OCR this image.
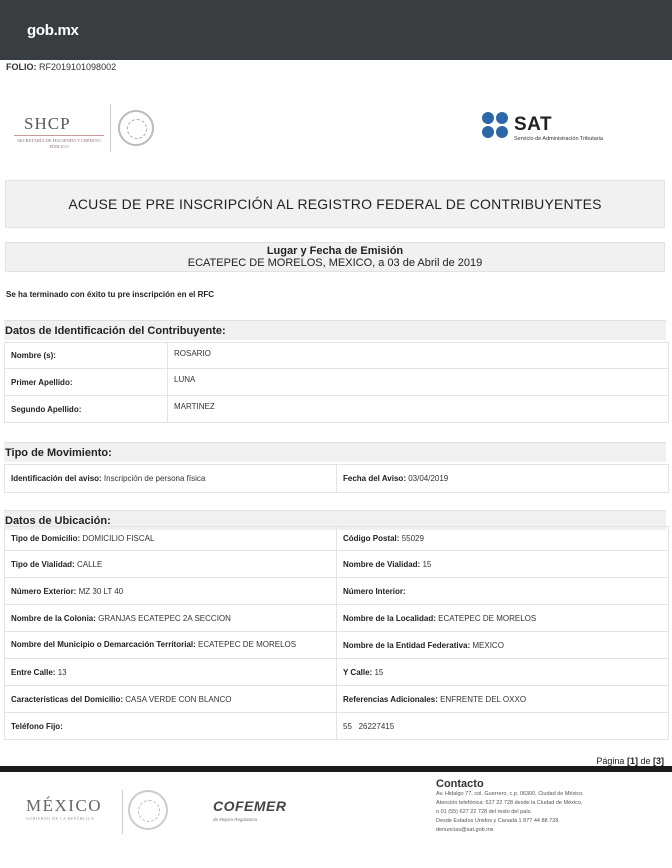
gob.mx
FOLIO: RF2019101098002
SHCP
SECRETARÍA DE HACIENDA Y CRÉDITO PÚBLICO
SAT
Servicio de Administración Tributaria
ACUSE DE PRE INSCRIPCIÓN AL REGISTRO FEDERAL DE CONTRIBUYENTES
Lugar y Fecha de Emisión
ECATEPEC DE MORELOS, MEXICO, a 03 de Abril de 2019
Se ha terminado con éxito tu pre inscripción en el RFC
Datos de Identificación del Contribuyente:
Nombre (s):	ROSARIO
Primer Apellido:	LUNA
Segundo Apellido:	MARTINEZ
Tipo de Movimiento:
Identificación del aviso: Inscripción de persona física	Fecha del Aviso: 03/04/2019
Datos de Ubicación:
Tipo de Domicilio: DOMICILIO FISCAL	Código Postal: 55029
Tipo de Vialidad: CALLE	Nombre de Vialidad: 15
Número Exterior: MZ 30 LT 40	Número Interior:
Nombre de la Colonia: GRANJAS ECATEPEC 2A SECCION	Nombre de la Localidad: ECATEPEC DE MORELOS
Nombre del Municipio o Demarcación Territorial: ECATEPEC DE MORELOS	Nombre de la Entidad Federativa: MEXICO
Entre Calle: 13	Y Calle: 15
Características del Domicilio: CASA VERDE CON BLANCO	Referencias Adicionales: ENFRENTE DEL OXXO
Teléfono Fijo:	55   26227415
Página [1] de [3]
MÉXICO
GOBIERNO DE LA REPÚBLICA
COFEMER
de Mejora Regulatoria
Contacto
Av. Hidalgo 77, col. Guerrero, c.p. 06300, Ciudad de México.
Atención telefónica: 627 22 728 desde la Ciudad de México,
o 01 (55) 627 22 728 del resto del país.
Desde Estados Unidos y Canadá 1 877 44 88 728.
denuncias@sat.gob.mx
